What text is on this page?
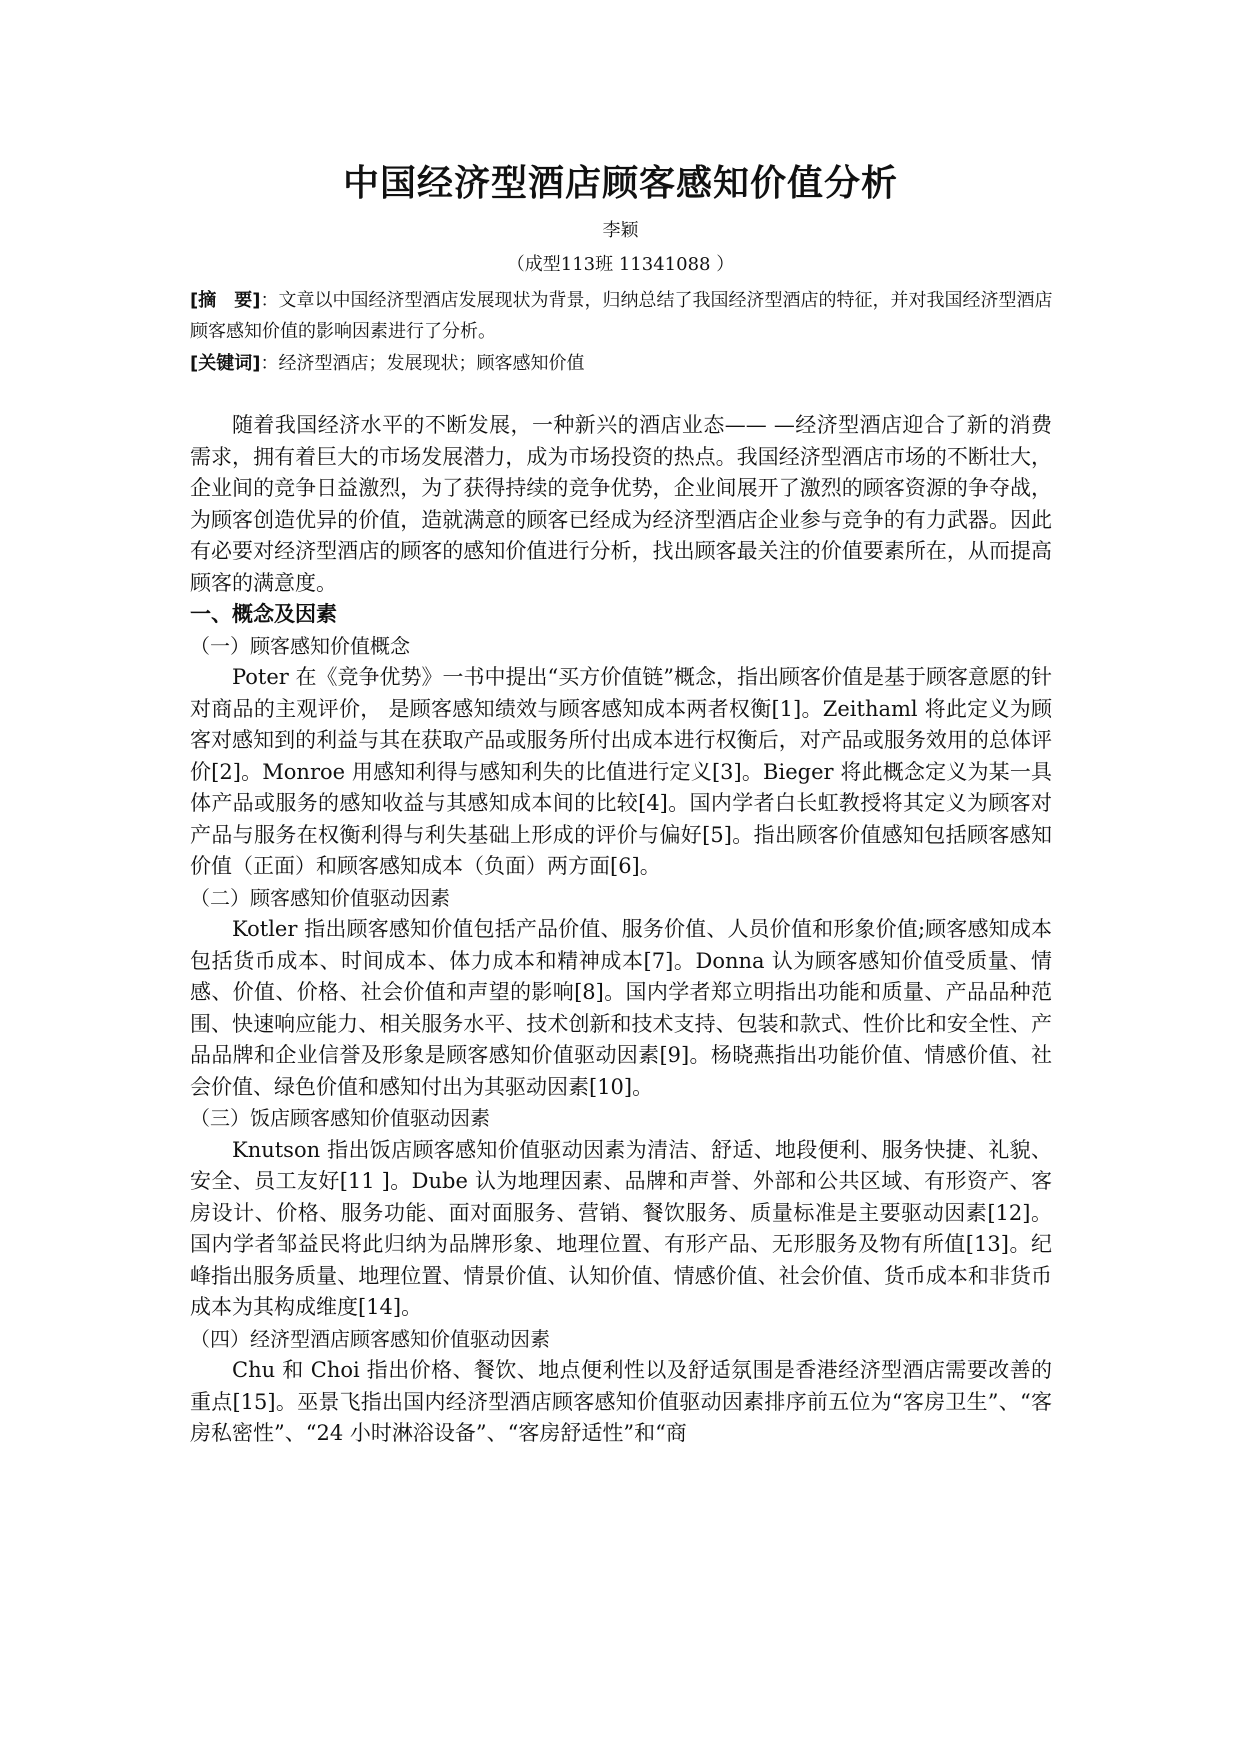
中国经济型酒店顾客感知价值分析
李颖
（成型113班 11341088 ）
[摘　要]：文章以中国经济型酒店发展现状为背景，归纳总结了我国经济型酒店的特征，并对我国经济型酒店顾客感知价值的影响因素进行了分析。
[关键词]：经济型酒店；发展现状；顾客感知价值

随着我国经济水平的不断发展，一种新兴的酒店业态—— —经济型酒店迎合了新的消费需求，拥有着巨大的市场发展潜力，成为市场投资的热点。我国经济型酒店市场的不断壮大，企业间的竞争日益激烈，为了获得持续的竞争优势，企业间展开了激烈的顾客资源的争夺战，为顾客创造优异的价值，造就满意的顾客已经成为经济型酒店企业参与竞争的有力武器。因此有必要对经济型酒店的顾客的感知价值进行分析，找出顾客最关注的价值要素所在，从而提高顾客的满意度。

一、概念及因素
（一）顾客感知价值概念

Poter 在《竞争优势》一书中提出“买方价值链”概念，指出顾客价值是基于顾客意愿的针对商品的主观评价， 是顾客感知绩效与顾客感知成本两者权衡[1]。Zeithaml 将此定义为顾客对感知到的利益与其在获取产品或服务所付出成本进行权衡后，对产品或服务效用的总体评价[2]。Monroe 用感知利得与感知利失的比值进行定义[3]。Bieger 将此概念定义为某一具体产品或服务的感知收益与其感知成本间的比较[4]。国内学者白长虹教授将其定义为顾客对产品与服务在权衡利得与利失基础上形成的评价与偏好[5]。指出顾客价值感知包括顾客感知价值（正面）和顾客感知成本（负面）两方面[6]。

（二）顾客感知价值驱动因素

Kotler 指出顾客感知价值包括产品价值、服务价值、人员价值和形象价值;顾客感知成本包括货币成本、时间成本、体力成本和精神成本[7]。Donna 认为顾客感知价值受质量、情感、价值、价格、社会价值和声望的影响[8]。国内学者郑立明指出功能和质量、产品品种范围、快速响应能力、相关服务水平、技术创新和技术支持、包装和款式、性价比和安全性、产品品牌和企业信誉及形象是顾客感知价值驱动因素[9]。杨晓燕指出功能价值、情感价值、社会价值、绿色价值和感知付出为其驱动因素[10]。

（三）饭店顾客感知价值驱动因素

Knutson 指出饭店顾客感知价值驱动因素为清洁、舒适、地段便利、服务快捷、礼貌、安全、员工友好[11 ]。Dube 认为地理因素、品牌和声誉、外部和公共区域、有形资产、客房设计、价格、服务功能、面对面服务、营销、餐饮服务、质量标准是主要驱动因素[12]。国内学者邹益民将此归纳为品牌形象、地理位置、有形产品、无形服务及物有所值[13]。纪峰指出服务质量、地理位置、情景价值、认知价值、情感价值、社会价值、货币成本和非货币成本为其构成维度[14]。

（四）经济型酒店顾客感知价值驱动因素

Chu 和 Choi 指出价格、餐饮、地点便利性以及舒适氛围是香港经济型酒店需要改善的重点[15]。巫景飞指出国内经济型酒店顾客感知价值驱动因素排序前五位为“客房卫生”、“客房私密性”、“24 小时淋浴设备”、“客房舒适性”和“商
